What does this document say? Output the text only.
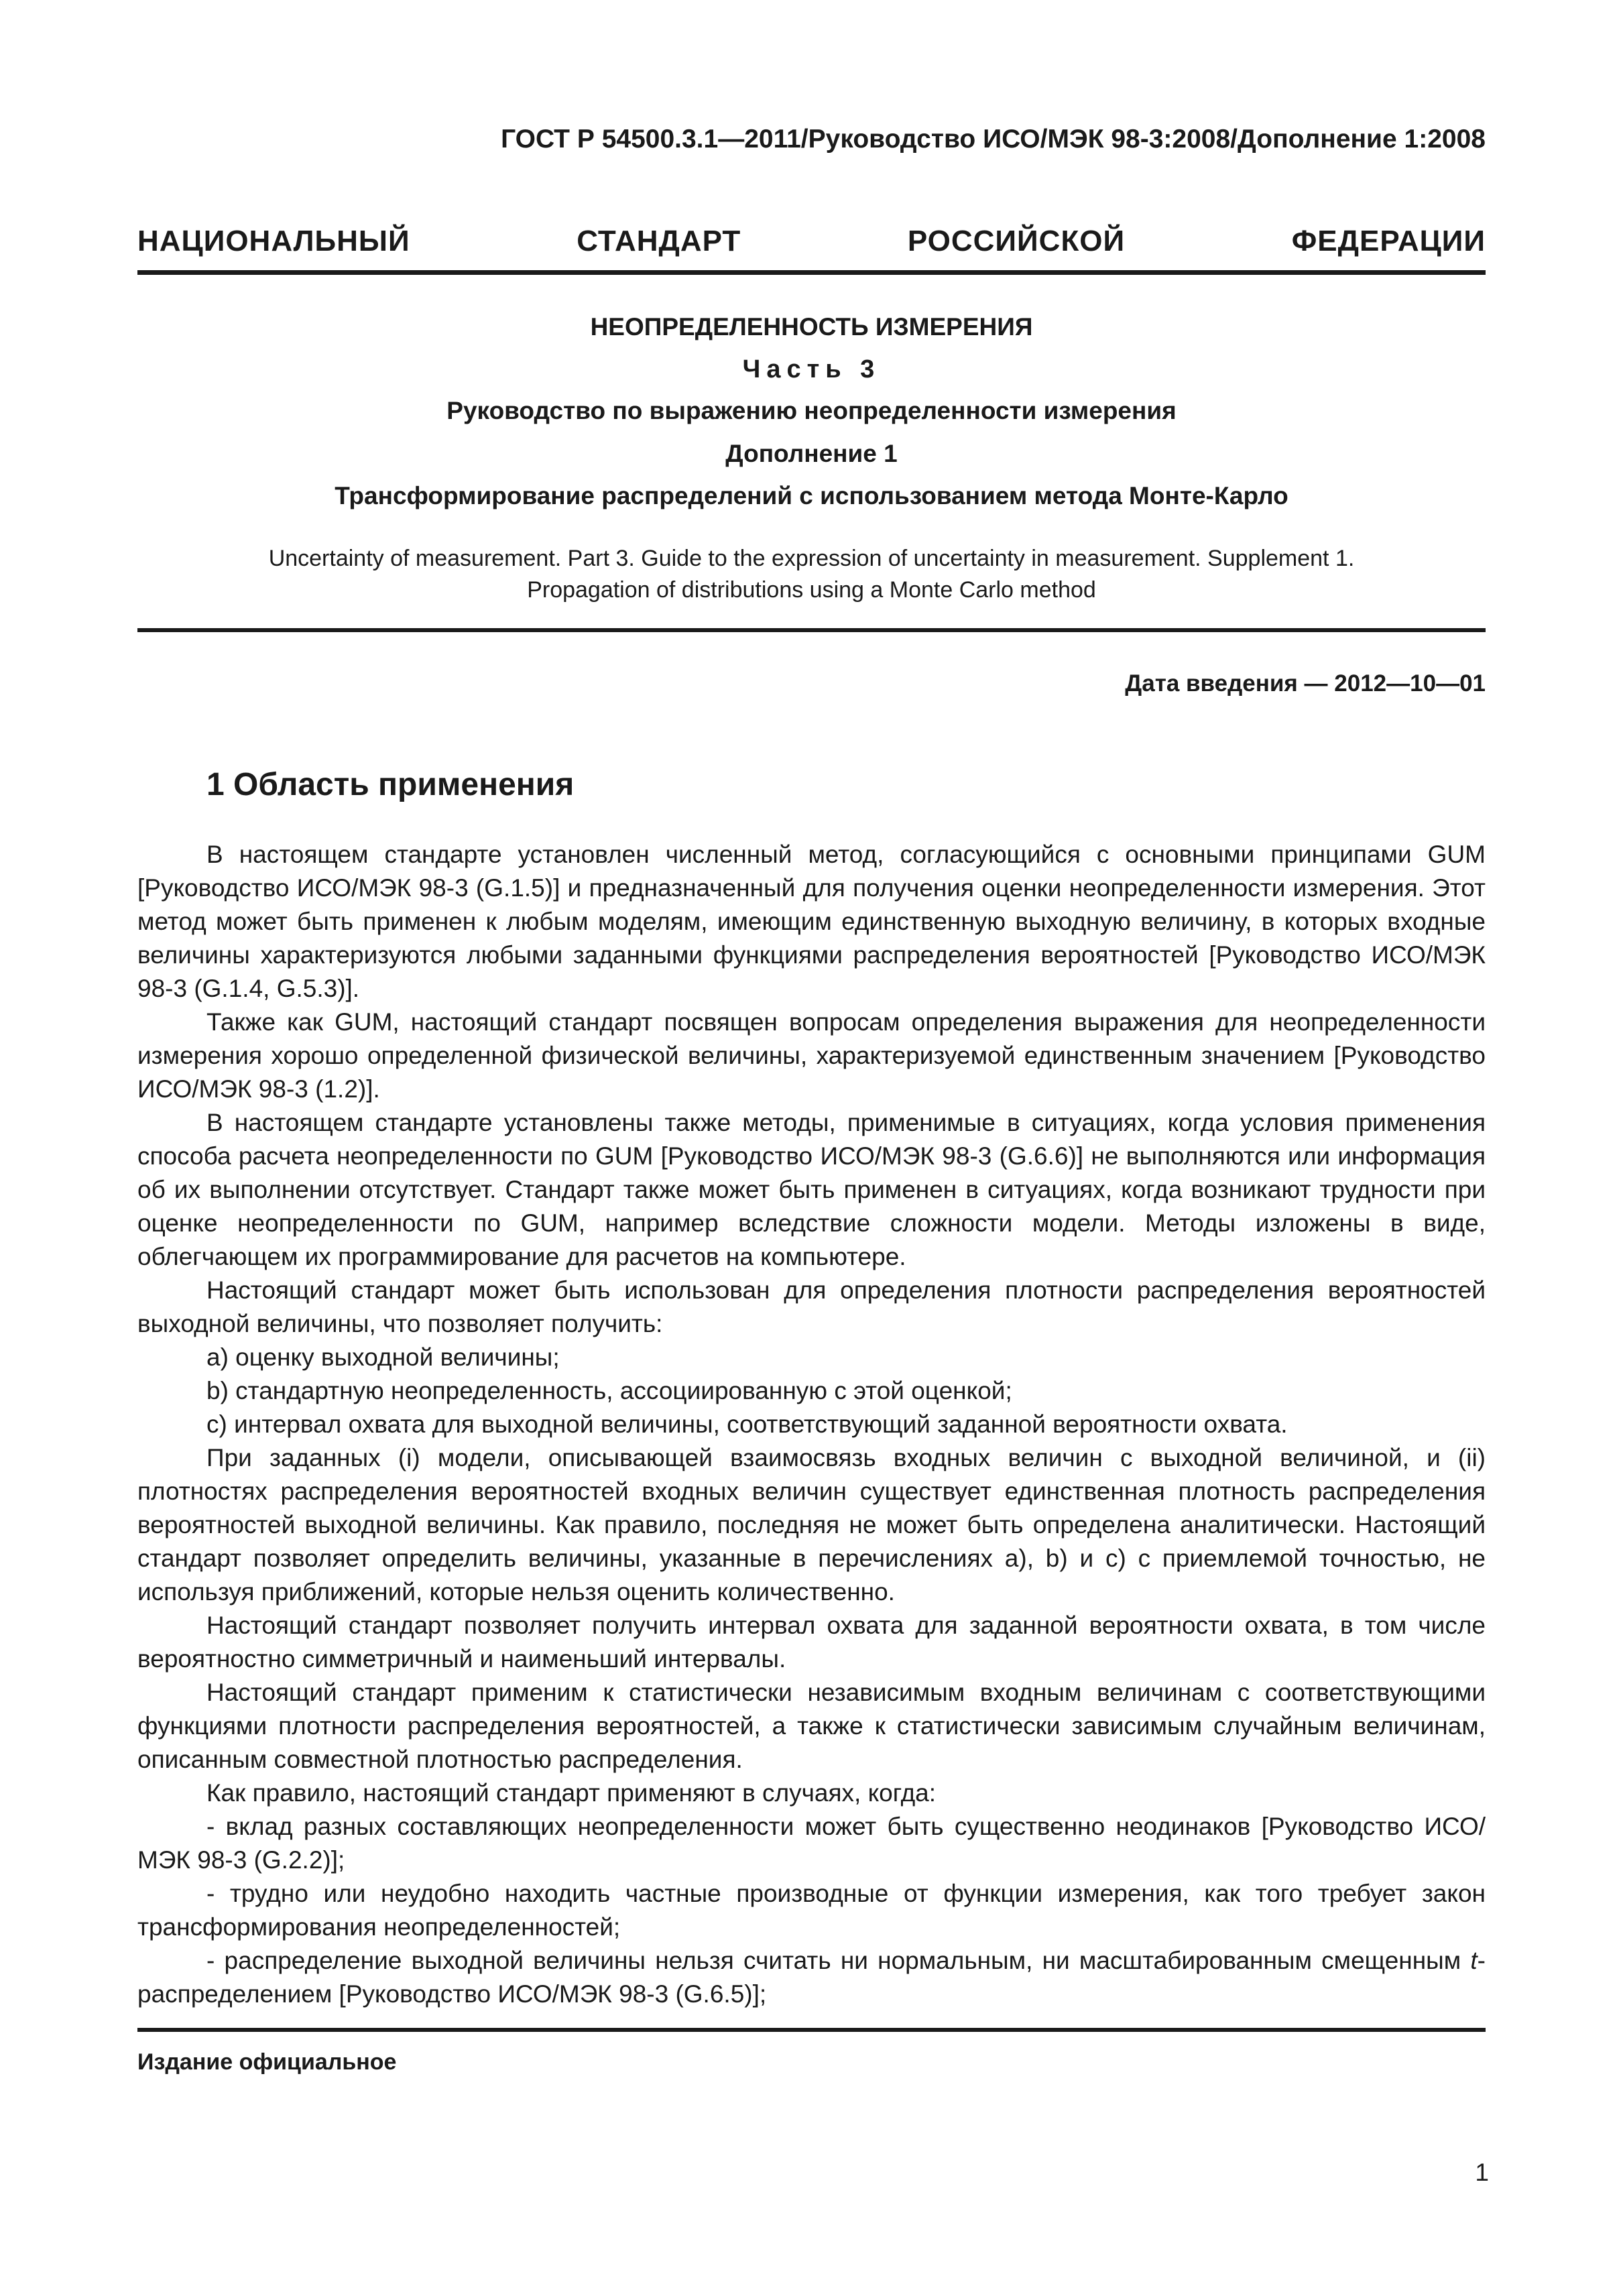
ГОСТ Р 54500.3.1—2011/Руководство ИСО/МЭК 98-3:2008/Дополнение 1:2008
НАЦИОНАЛЬНЫЙ СТАНДАРТ РОССИЙСКОЙ ФЕДЕРАЦИИ
НЕОПРЕДЕЛЕННОСТЬ ИЗМЕРЕНИЯ
Часть 3
Руководство по выражению неопределенности измерения
Дополнение 1
Трансформирование распределений с использованием метода Монте-Карло
Uncertainty of measurement. Part 3. Guide to the expression of uncertainty in measurement. Supplement 1.
Propagation of distributions using a Monte Carlo method
Дата введения — 2012—10—01
1 Область применения

В настоящем стандарте установлен численный метод, согласующийся с основными принципами GUM [Руководство ИСО/МЭК 98-3 (G.1.5)] и предназначенный для получения оценки неопределенности измерения. Этот метод может быть применен к любым моделям, имеющим единственную выходную величину, в которых входные величины характеризуются любыми заданными функциями распределения вероятностей [Руководство ИСО/МЭК 98-3 (G.1.4, G.5.3)].

Также как GUM, настоящий стандарт посвящен вопросам определения выражения для неопределенности измерения хорошо определенной физической величины, характеризуемой единственным значением [Руководство ИСО/МЭК 98-3 (1.2)].

В настоящем стандарте установлены также методы, применимые в ситуациях, когда условия применения способа расчета неопределенности по GUM [Руководство ИСО/МЭК 98-3 (G.6.6)] не выполняются или информация об их выполнении отсутствует. Стандарт также может быть применен в ситуациях, когда возникают трудности при оценке неопределенности по GUM, например вследствие сложности модели. Методы изложены в виде, облегчающем их программирование для расчетов на компьютере.

Настоящий стандарт может быть использован для определения плотности распределения вероятностей выходной величины, что позволяет получить:

a) оценку выходной величины;

b) стандартную неопределенность, ассоциированную с этой оценкой;

c) интервал охвата для выходной величины, соответствующий заданной вероятности охвата.

При заданных (i) модели, описывающей взаимосвязь входных величин с выходной величиной, и (ii) плотностях распределения вероятностей входных величин существует единственная плотность распределения вероятностей выходной величины. Как правило, последняя не может быть определена аналитически. Настоящий стандарт позволяет определить величины, указанные в перечислениях a), b) и c) с приемлемой точностью, не используя приближений, которые нельзя оценить количественно.

Настоящий стандарт позволяет получить интервал охвата для заданной вероятности охвата, в том числе вероятностно симметричный и наименьший интервалы.

Настоящий стандарт применим к статистически независимым входным величинам с соответствующими функциями плотности распределения вероятностей, а также к статистически зависимым случайным величинам, описанным совместной плотностью распределения.

Как правило, настоящий стандарт применяют в случаях, когда:

- вклад разных составляющих неопределенности может быть существенно неодинаков [Руководство ИСО/МЭК 98-3 (G.2.2)];

- трудно или неудобно находить частные производные от функции измерения, как того требует закон трансформирования неопределенностей;

- распределение выходной величины нельзя считать ни нормальным, ни масштабированным смещенным t-распределением [Руководство ИСО/МЭК 98-3 (G.6.5)];

Издание официальное
1
